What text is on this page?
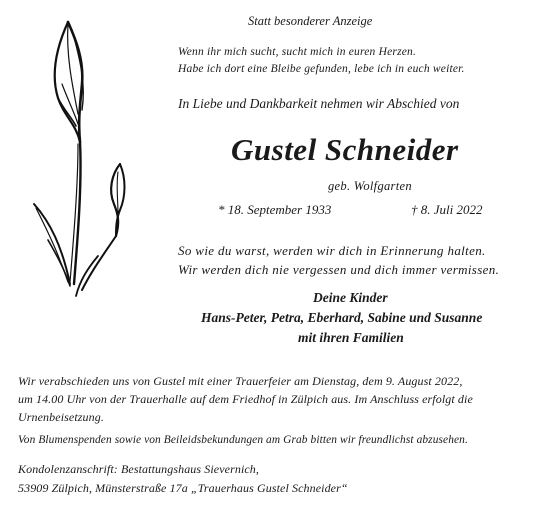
Statt besonderer Anzeige
Wenn ihr mich sucht, sucht mich in euren Herzen.
Habe ich dort eine Bleibe gefunden, lebe ich in euch weiter.
In Liebe und Dankbarkeit nehmen wir Abschied von
Gustel Schneider
geb. Wolfgarten
* 18. September 1933	† 8. Juli 2022
So wie du warst, werden wir dich in Erinnerung halten.
Wir werden dich nie vergessen und dich immer vermissen.
Deine Kinder
Hans-Peter, Petra, Eberhard, Sabine und Susanne
mit ihren Familien
Wir verabschieden uns von Gustel mit einer Trauerfeier am Dienstag, dem 9. August 2022,
um 14.00 Uhr von der Trauerhalle auf dem Friedhof in Zülpich aus. Im Anschluss erfolgt die
Urnenbeisetzung.
Von Blumenspenden sowie von Beileidsbekundungen am Grab bitten wir freundlichst abzusehen.
Kondolenzanschrift: Bestattungshaus Sievernich,
53909 Zülpich, Münsterstraße 17a „Trauerhaus Gustel Schneider“
